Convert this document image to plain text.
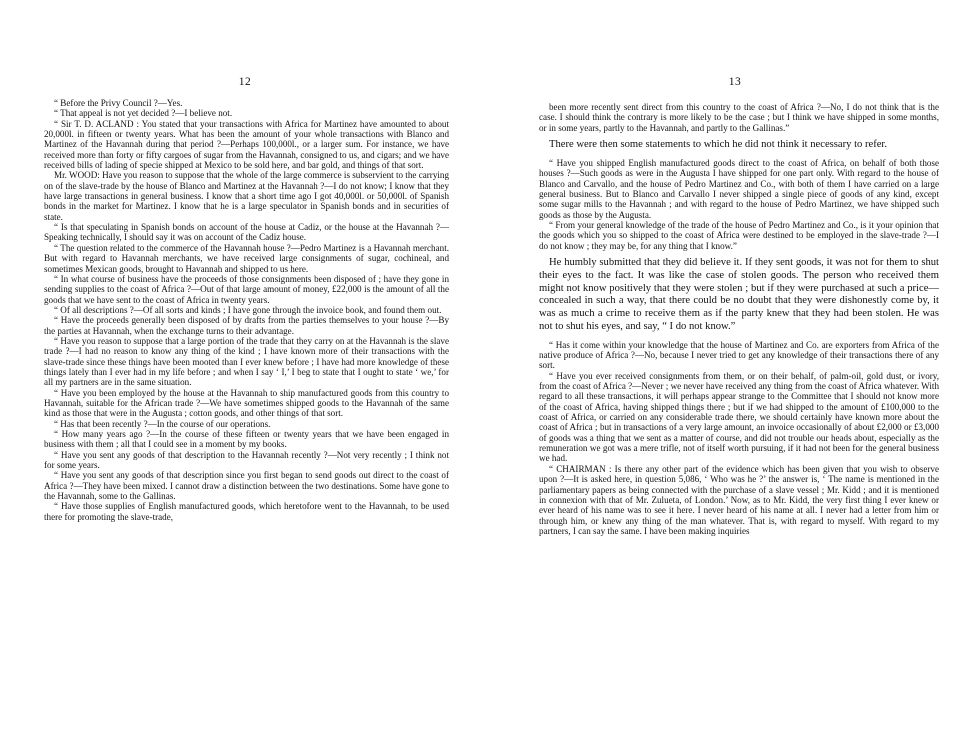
12

“ Before the Privy Council ?—Yes.

“ That appeal is not yet decided ?—I believe not.

“ Sir T. D. ACLAND : You stated that your transactions with Africa for Martinez have amounted to about 20,000l. in fifteen or twenty years. What has been the amount of your whole transactions with Blanco and Martinez of the Havannah during that period ?—Perhaps 100,000l., or a larger sum. For instance, we have received more than forty or fifty cargoes of sugar from the Havannah, consigned to us, and cigars; and we have received bills of lading of specie shipped at Mexico to be sold here, and bar gold, and things of that sort.

Mr. WOOD: Have you reason to suppose that the whole of the large commerce is subservient to the carrying on of the slave-trade by the house of Blanco and Martinez at the Havannah ?—I do not know; I know that they have large transactions in general business. I know that a short time ago I got 40,000l. or 50,000l. of Spanish bonds in the market for Martinez. I know that he is a large speculator in Spanish bonds and in securities of state.

“ Is that speculating in Spanish bonds on account of the house at Cadiz, or the house at the Havannah ?—Speaking technically, I should say it was on account of the Cadiz house.

“ The question related to the commerce of the Havannah house ?—Pedro Martinez is a Havannah merchant. But with regard to Havannah merchants, we have received large consignments of sugar, cochineal, and sometimes Mexican goods, brought to Havannah and shipped to us here.

“ In what course of business have the proceeds of those consignments been disposed of ; have they gone in sending supplies to the coast of Africa ?—Out of that large amount of money, £22,000 is the amount of all the goods that we have sent to the coast of Africa in twenty years.

“ Of all descriptions ?—Of all sorts and kinds ; I have gone through the invoice book, and found them out.

“ Have the proceeds generally been disposed of by drafts from the parties themselves to your house ?—By the parties at Havannah, when the exchange turns to their advantage.

“ Have you reason to suppose that a large portion of the trade that they carry on at the Havannah is the slave trade ?—I had no reason to know any thing of the kind ; I have known more of their transactions with the slave-trade since these things have been mooted than I ever knew before ; I have had more knowledge of these things lately than I ever had in my life before ; and when I say ‘ I,’ I beg to state that I ought to state ‘ we,’ for all my partners are in the same situation.

“ Have you been employed by the house at the Havannah to ship manufactured goods from this country to Havannah, suitable for the African trade ?—We have sometimes shipped goods to the Havannah of the same kind as those that were in the Augusta ; cotton goods, and other things of that sort.

“ Has that been recently ?—In the course of our operations.

“ How many years ago ?—In the course of these fifteen or twenty years that we have been engaged in business with them ; all that I could see in a moment by my books.

“ Have you sent any goods of that description to the Havannah recently ?—Not very recently ; I think not for some years.

“ Have you sent any goods of that description since you first began to send goods out direct to the coast of Africa ?—They have been mixed. I cannot draw a distinction between the two destinations. Some have gone to the Havannah, some to the Gallinas.

“ Have those supplies of English manufactured goods, which heretofore went to the Havannah, to be used there for promoting the slave-trade,

13

been more recently sent direct from this country to the coast of Africa ?—No, I do not think that is the case. I should think the contrary is more likely to be the case ; but I think we have shipped in some months, or in some years, partly to the Havannah, and partly to the Gallinas.”

There were then some statements to which he did not think it necessary to refer.

“ Have you shipped English manufactured goods direct to the coast of Africa, on behalf of both those houses ?—Such goods as were in the Augusta I have shipped for one part only. With regard to the house of Blanco and Carvallo, and the house of Pedro Martinez and Co., with both of them I have carried on a large general business. But to Blanco and Carvallo I never shipped a single piece of goods of any kind, except some sugar mills to the Havannah ; and with regard to the house of Pedro Martinez, we have shipped such goods as those by the Augusta.

“ From your general knowledge of the trade of the house of Pedro Martinez and Co., is it your opinion that the goods which you so shipped to the coast of Africa were destined to be employed in the slave-trade ?—I do not know ; they may be, for any thing that I know.”

He humbly submitted that they did believe it. If they sent goods, it was not for them to shut their eyes to the fact. It was like the case of stolen goods. The person who received them might not know positively that they were stolen ; but if they were purchased at such a price—concealed in such a way, that there could be no doubt that they were dishonestly come by, it was as much a crime to receive them as if the party knew that they had been stolen. He was not to shut his eyes, and say, “ I do not know.”

“ Has it come within your knowledge that the house of Martinez and Co. are exporters from Africa of the native produce of Africa ?—No, because I never tried to get any knowledge of their transactions there of any sort.

“ Have you ever received consignments from them, or on their behalf, of palm-oil, gold dust, or ivory, from the coast of Africa ?—Never ; we never have received any thing from the coast of Africa whatever. With regard to all these transactions, it will perhaps appear strange to the Committee that I should not know more of the coast of Africa, having shipped things there ; but if we had shipped to the amount of £100,000 to the coast of Africa, or carried on any considerable trade there, we should certainly have known more about the coast of Africa ; but in transactions of a very large amount, an invoice occasionally of about £2,000 or £3,000 of goods was a thing that we sent as a matter of course, and did not trouble our heads about, especially as the remuneration we got was a mere trifle, not of itself worth pursuing, if it had not been for the general business we had.

“ CHAIRMAN : Is there any other part of the evidence which has been given that you wish to observe upon ?—It is asked here, in question 5,086, ‘ Who was he ?’ the answer is, ‘ The name is mentioned in the parliamentary papers as being connected with the purchase of a slave vessel ; Mr. Kidd ; and it is mentioned in connexion with that of Mr. Zulueta, of London.’ Now, as to Mr. Kidd, the very first thing I ever knew or ever heard of his name was to see it here. I never heard of his name at all. I never had a letter from him or through him, or knew any thing of the man whatever. That is, with regard to myself. With regard to my partners, I can say the same. I have been making inquiries
